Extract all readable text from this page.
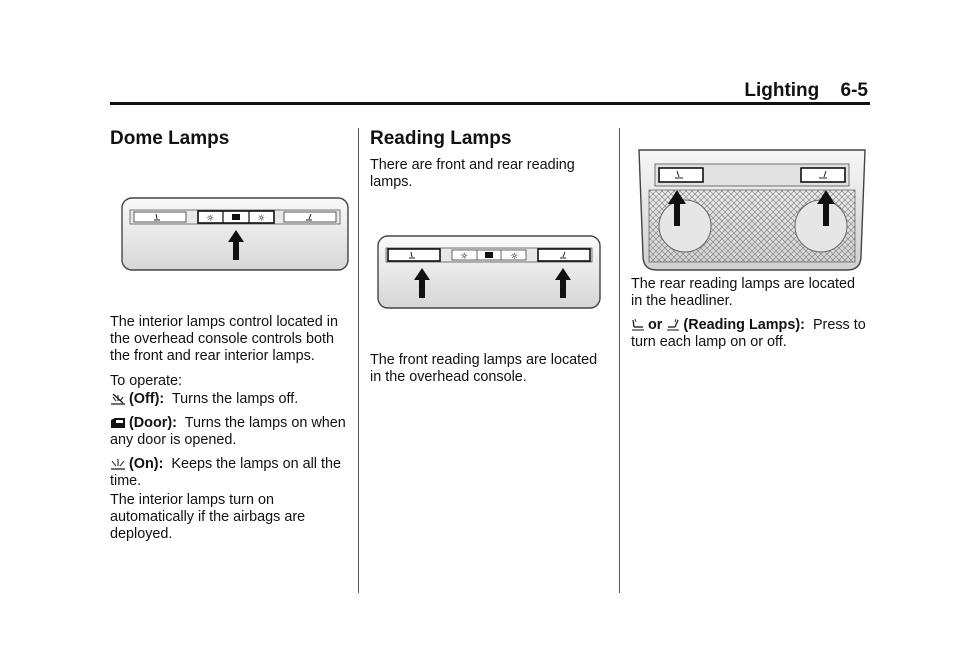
Lighting 6-5
Dome Lamps
☼	☼

The interior lamps control located in the overhead console controls both the front and rear interior lamps.

To operate:

(Off): Turns the lamps off.

(Door): Turns the lamps on when any door is opened.

(On): Keeps the lamps on all the time.

The interior lamps turn on automatically if the airbags are deployed.

Reading Lamps

There are front and rear reading lamps.

☼	☼

The front reading lamps are located in the overhead console.

The rear reading lamps are located in the headliner.

or (Reading Lamps): Press to turn each lamp on or off.
